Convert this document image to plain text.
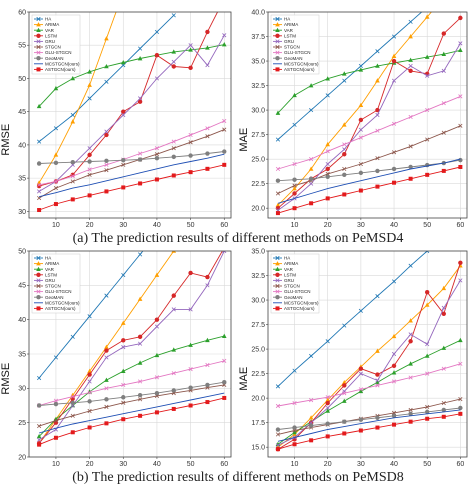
30
35
40
45
50
55
60
10	20	30	40	50	60
RMSE
HA
ARIMA
VAR
LSTM
GRU
STGCN
GLU-STGCN
GeoMAN
MCSTGCN(ours)
ASTGCN(ours)
20.0
22.5
25.0
27.5
30.0
32.5
35.0
37.5
40.0
10	20	30	40	50	60
MAE
HA
ARIMA
VAR
LSTM
GRU
STGCN
GLU-STGCN
GeoMAN
MCSTGCN(ours)
ASTGCN(ours)
(a) The prediction results of different methods on PeMSD4
20
25
30
35
40
45
50
10	20	30	40	50	60
RMSE
HA
ARIMA
VAR
LSTM
GRU
STGCN
GLU-STGCN
GeoMAN
MCSTGCN(ours)
ASTGCN(ours)
15.0
17.5
20.0
22.5
25.0
27.5
30.0
32.5
35.0
10	20	30	40	50	60
MAE
HA
ARIMA
VAR
LSTM
GRU
STGCN
GLU-STGCN
GeoMAN
MCSTGCN(ours)
ASTGCN(ours)
(b) The prediction results of different methods on PeMSD8
